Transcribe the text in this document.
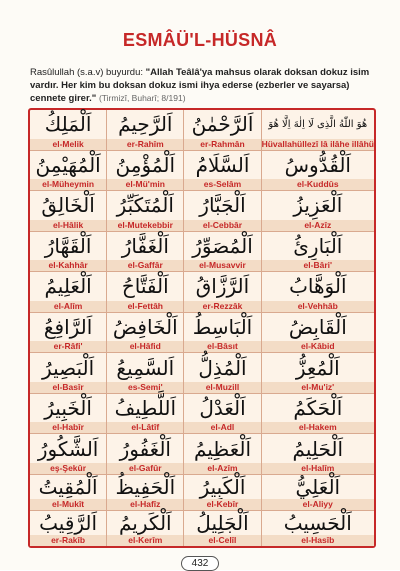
ESMÂÜ'L-HÜSNÂ
Rasûlullah (s.a.v) buyurdu: "Allah Teâlâ'ya mahsus olarak doksan dokuz isim vardır. Her kim bu doksan dokuz ismi ihya ederse (ezberler ve sayarsa) cennete girer." (Tirmizî, Buharî; 8/191)
اَلْمَلِكُ
el-Melik
اَلرَّحِيمُ
er-Rahîm
اَلرَّحْمٰنُ
er-Rahmân
هُوَ اللّٰهُ الَّذِى لَا اِلٰهَ اِلَّا هُوَ
Hüvallahüllezî lâ ilâhe illâhü
اَلْمُهَيْمِنُ
el-Müheymin
اَلْمُؤْمِنُ
el-Mü'min
اَلسَّلَامُ
es-Selâm
اَلْقُدُّوسُ
el-Kuddûs
اَلْخَالِقُ
el-Hâlik
اَلْمُتَكَبِّرُ
el-Mutekebbir
اَلْجَبَّارُ
el-Cebbâr
اَلْعَزِيزُ
el-Azîz
اَلْقَهَّارُ
el-Kahhâr
اَلْغَفَّارُ
el-Gaffâr
اَلْمُصَوِّرُ
el-Musavvir
اَلْبَارِئُ
el-Bâri'
اَلْعَلِيمُ
el-Alîm
اَلْفَتَّاحُ
el-Fettâh
اَلرَّزَّاقُ
er-Rezzâk
اَلْوَهَّابُ
el-Vehhâb
اَلرَّافِعُ
er-Râfi'
اَلْخَافِضُ
el-Hâfid
اَلْبَاسِطُ
el-Bâsıt
اَلْقَابِضُ
el-Kâbid
اَلْبَصِيرُ
el-Basîr
اَلسَّمِيعُ
es-Semi'
اَلْمُذِلُّ
el-Muzill
اَلْمُعِزُّ
el-Mu'iz'
اَلْخَبِيرُ
el-Habîr
اَللَّطِيفُ
el-Lâtîf
اَلْعَدْلُ
el-Adl
اَلْحَكَمُ
el-Hakem
اَلشَّكُورُ
eş-Şekûr
اَلْغَفُورُ
el-Gafûr
اَلْعَظِيمُ
el-Azîm
اَلْحَلِيمُ
el-Halîm
اَلْمُقِيتُ
el-Mukît
اَلْحَفِيظُ
el-Hafîz
اَلْكَبِيرُ
el-Kebîr
اَلْعَلِيُّ
el-Aliyy
اَلرَّقِيبُ
er-Rakîb
اَلْكَرِيمُ
el-Kerîm
اَلْجَلِيلُ
el-Celîl
اَلْحَسِيبُ
el-Hasîb
432
